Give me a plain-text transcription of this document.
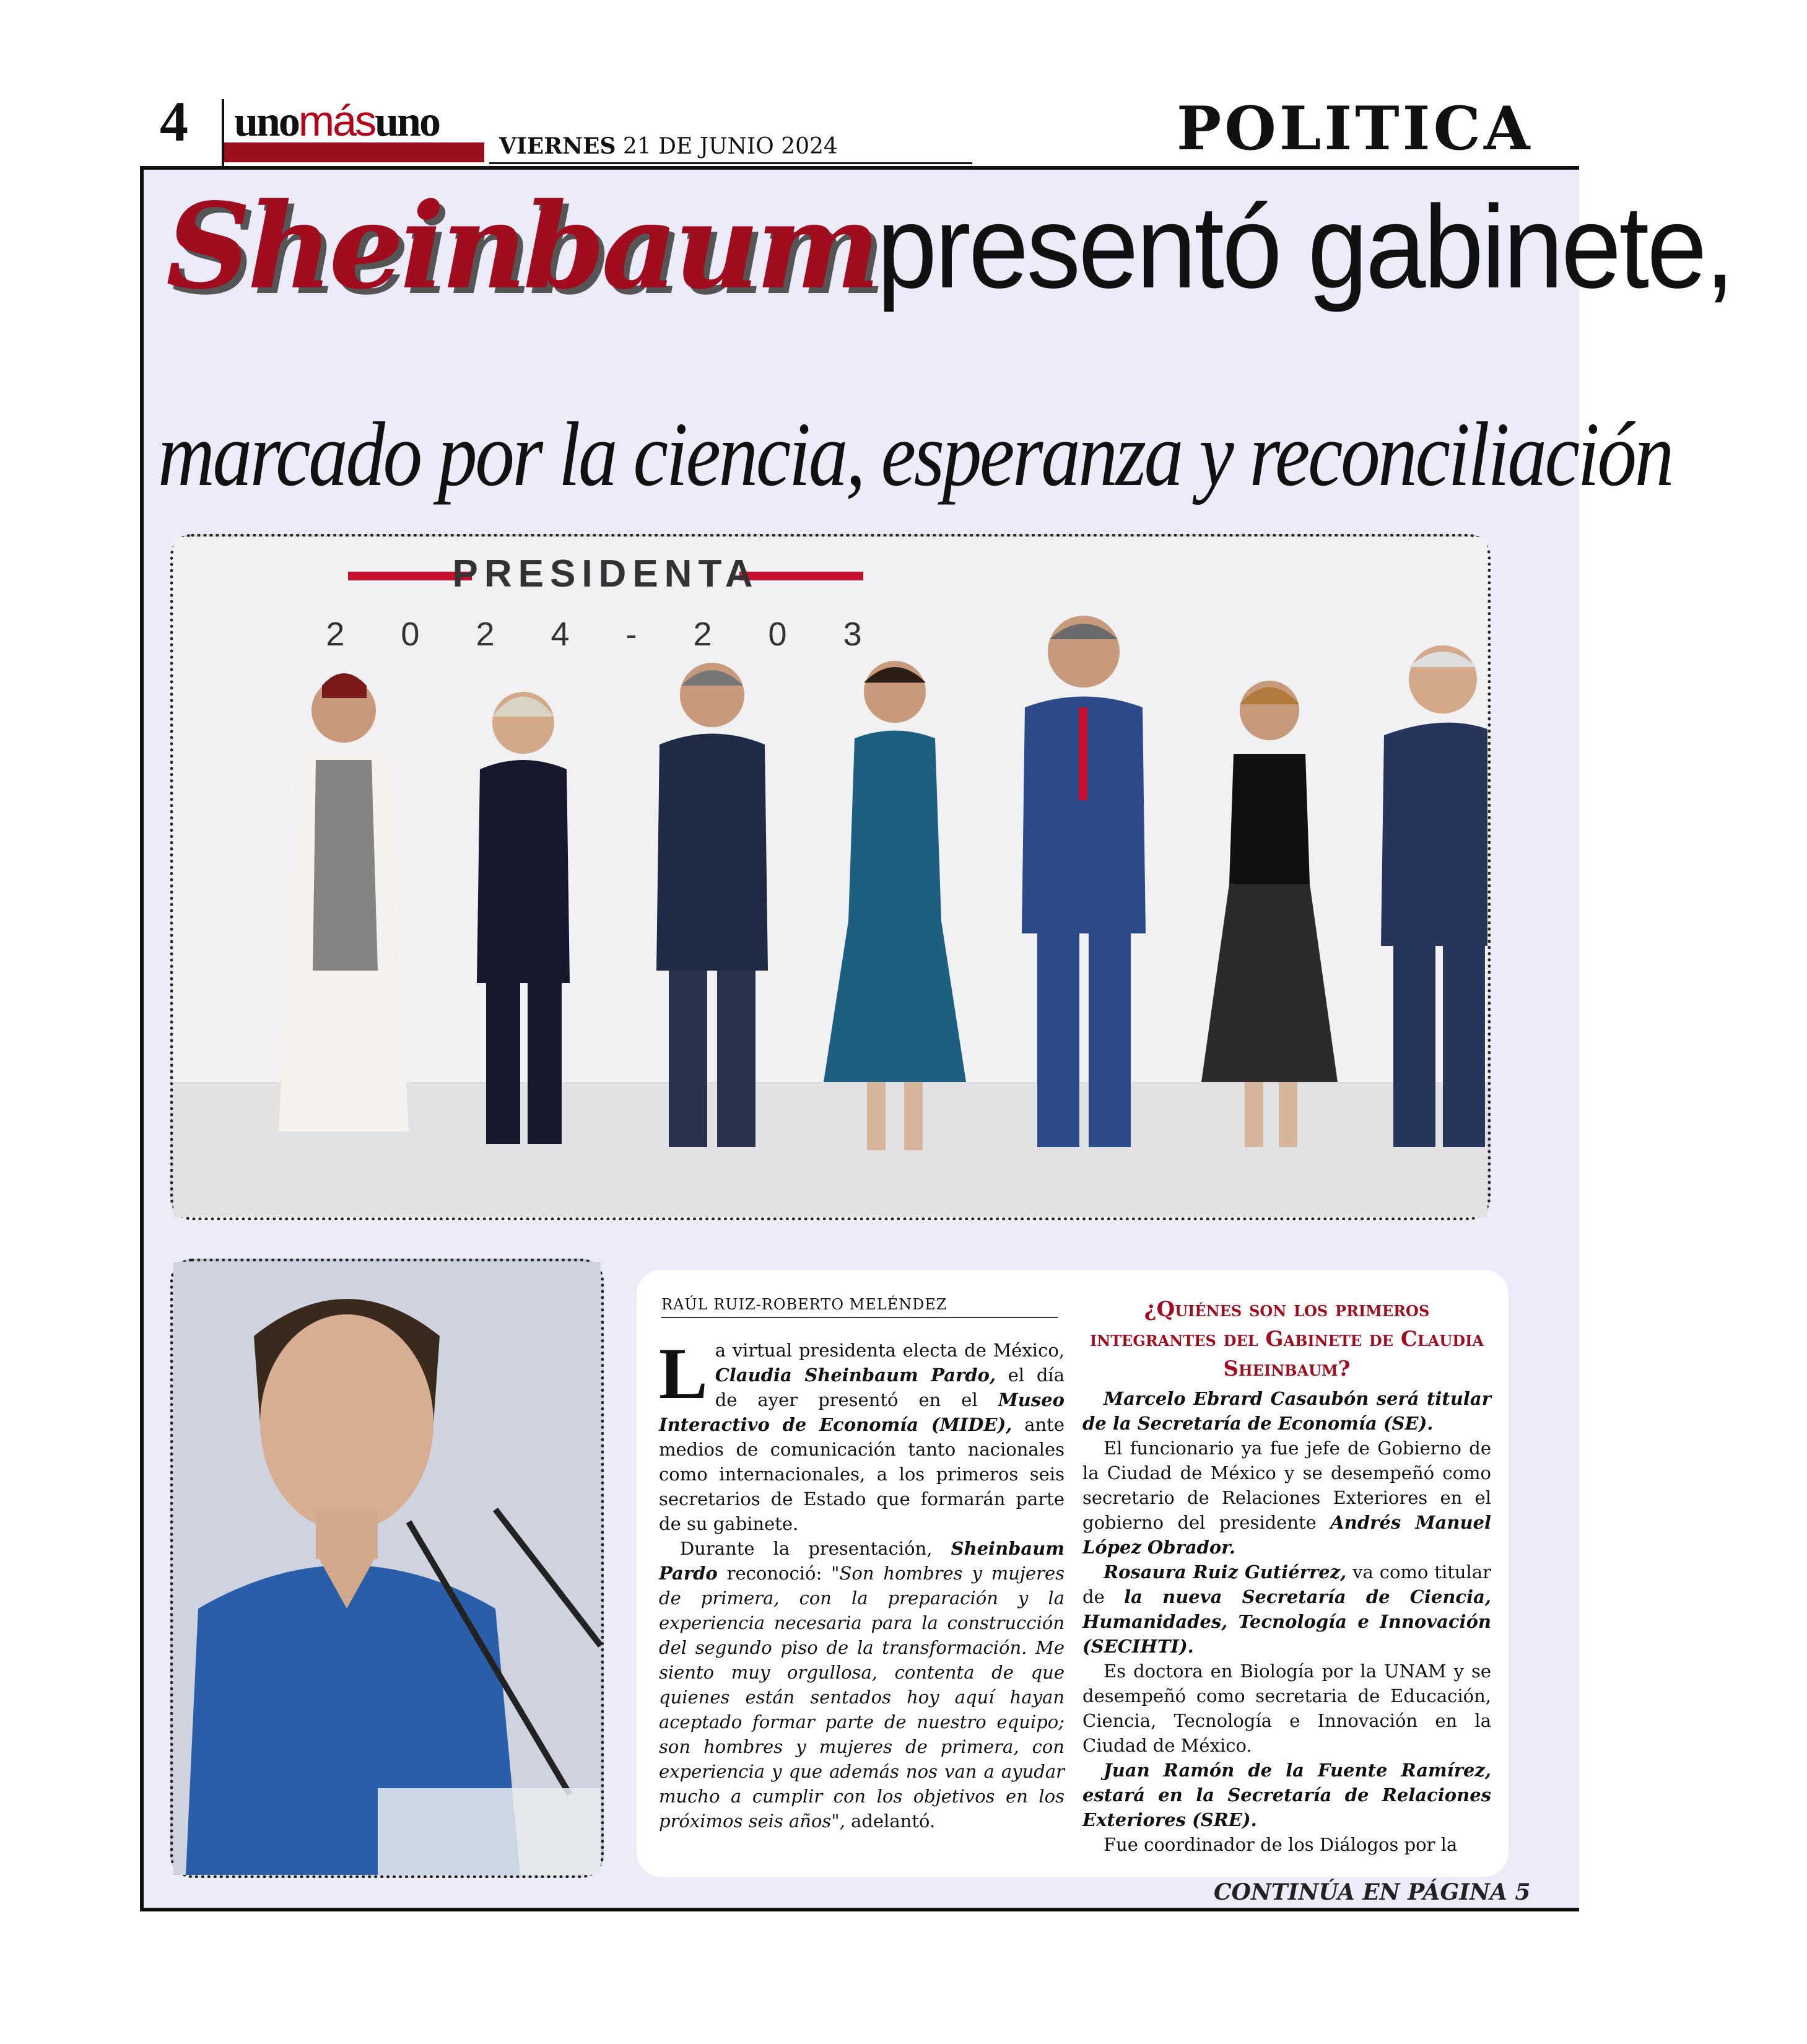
4 unomásuno
VIERNES 21 DE JUNIO 2024	POLITICA
Sheinbaumpresentó gabinete,
marcado por la ciencia, esperanza y reconciliación
PRESIDENTA
2 0 2 4 - 2 0 3
RAÚL RUIZ-ROBERTO MELÉNDEZ

La virtual presidenta electa de México, Claudia Sheinbaum Pardo, el día de ayer presentó en el Museo Interactivo de Economía (MIDE), ante medios de comunicación tanto nacionales como internacionales, a los primeros seis secretarios de Estado que formarán parte de su gabinete.

Durante la presentación, Sheinbaum Pardo reconoció: "Son hombres y mujeres de primera, con la preparación y la experiencia necesaria para la construcción del segundo piso de la transformación. Me siento muy orgullosa, contenta de que quienes están sentados hoy aquí hayan aceptado formar parte de nuestro equipo; son hombres y mujeres de primera, con experiencia y que además nos van a ayudar mucho a cumplir con los objetivos en los próximos seis años", adelantó.

¿Quiénes son los primeros integrantes del Gabinete de Claudia Sheinbaum?

Marcelo Ebrard Casaubón será titular de la Secretaría de Economía (SE).

El funcionario ya fue jefe de Gobierno de la Ciudad de México y se desempeñó como secretario de Relaciones Exteriores en el gobierno del presidente Andrés Manuel López Obrador.

Rosaura Ruiz Gutiérrez, va como titular de la nueva Secretaría de Ciencia, Humanidades, Tecnología e Innovación (SECIHTI).

Es doctora en Biología por la UNAM y se desempeñó como secretaria de Educación, Ciencia, Tecnología e Innovación en la Ciudad de México.

Juan Ramón de la Fuente Ramírez, estará en la Secretaría de Relaciones Exteriores (SRE).

Fue coordinador de los Diálogos por la

CONTINÚA EN PÁGINA 5
